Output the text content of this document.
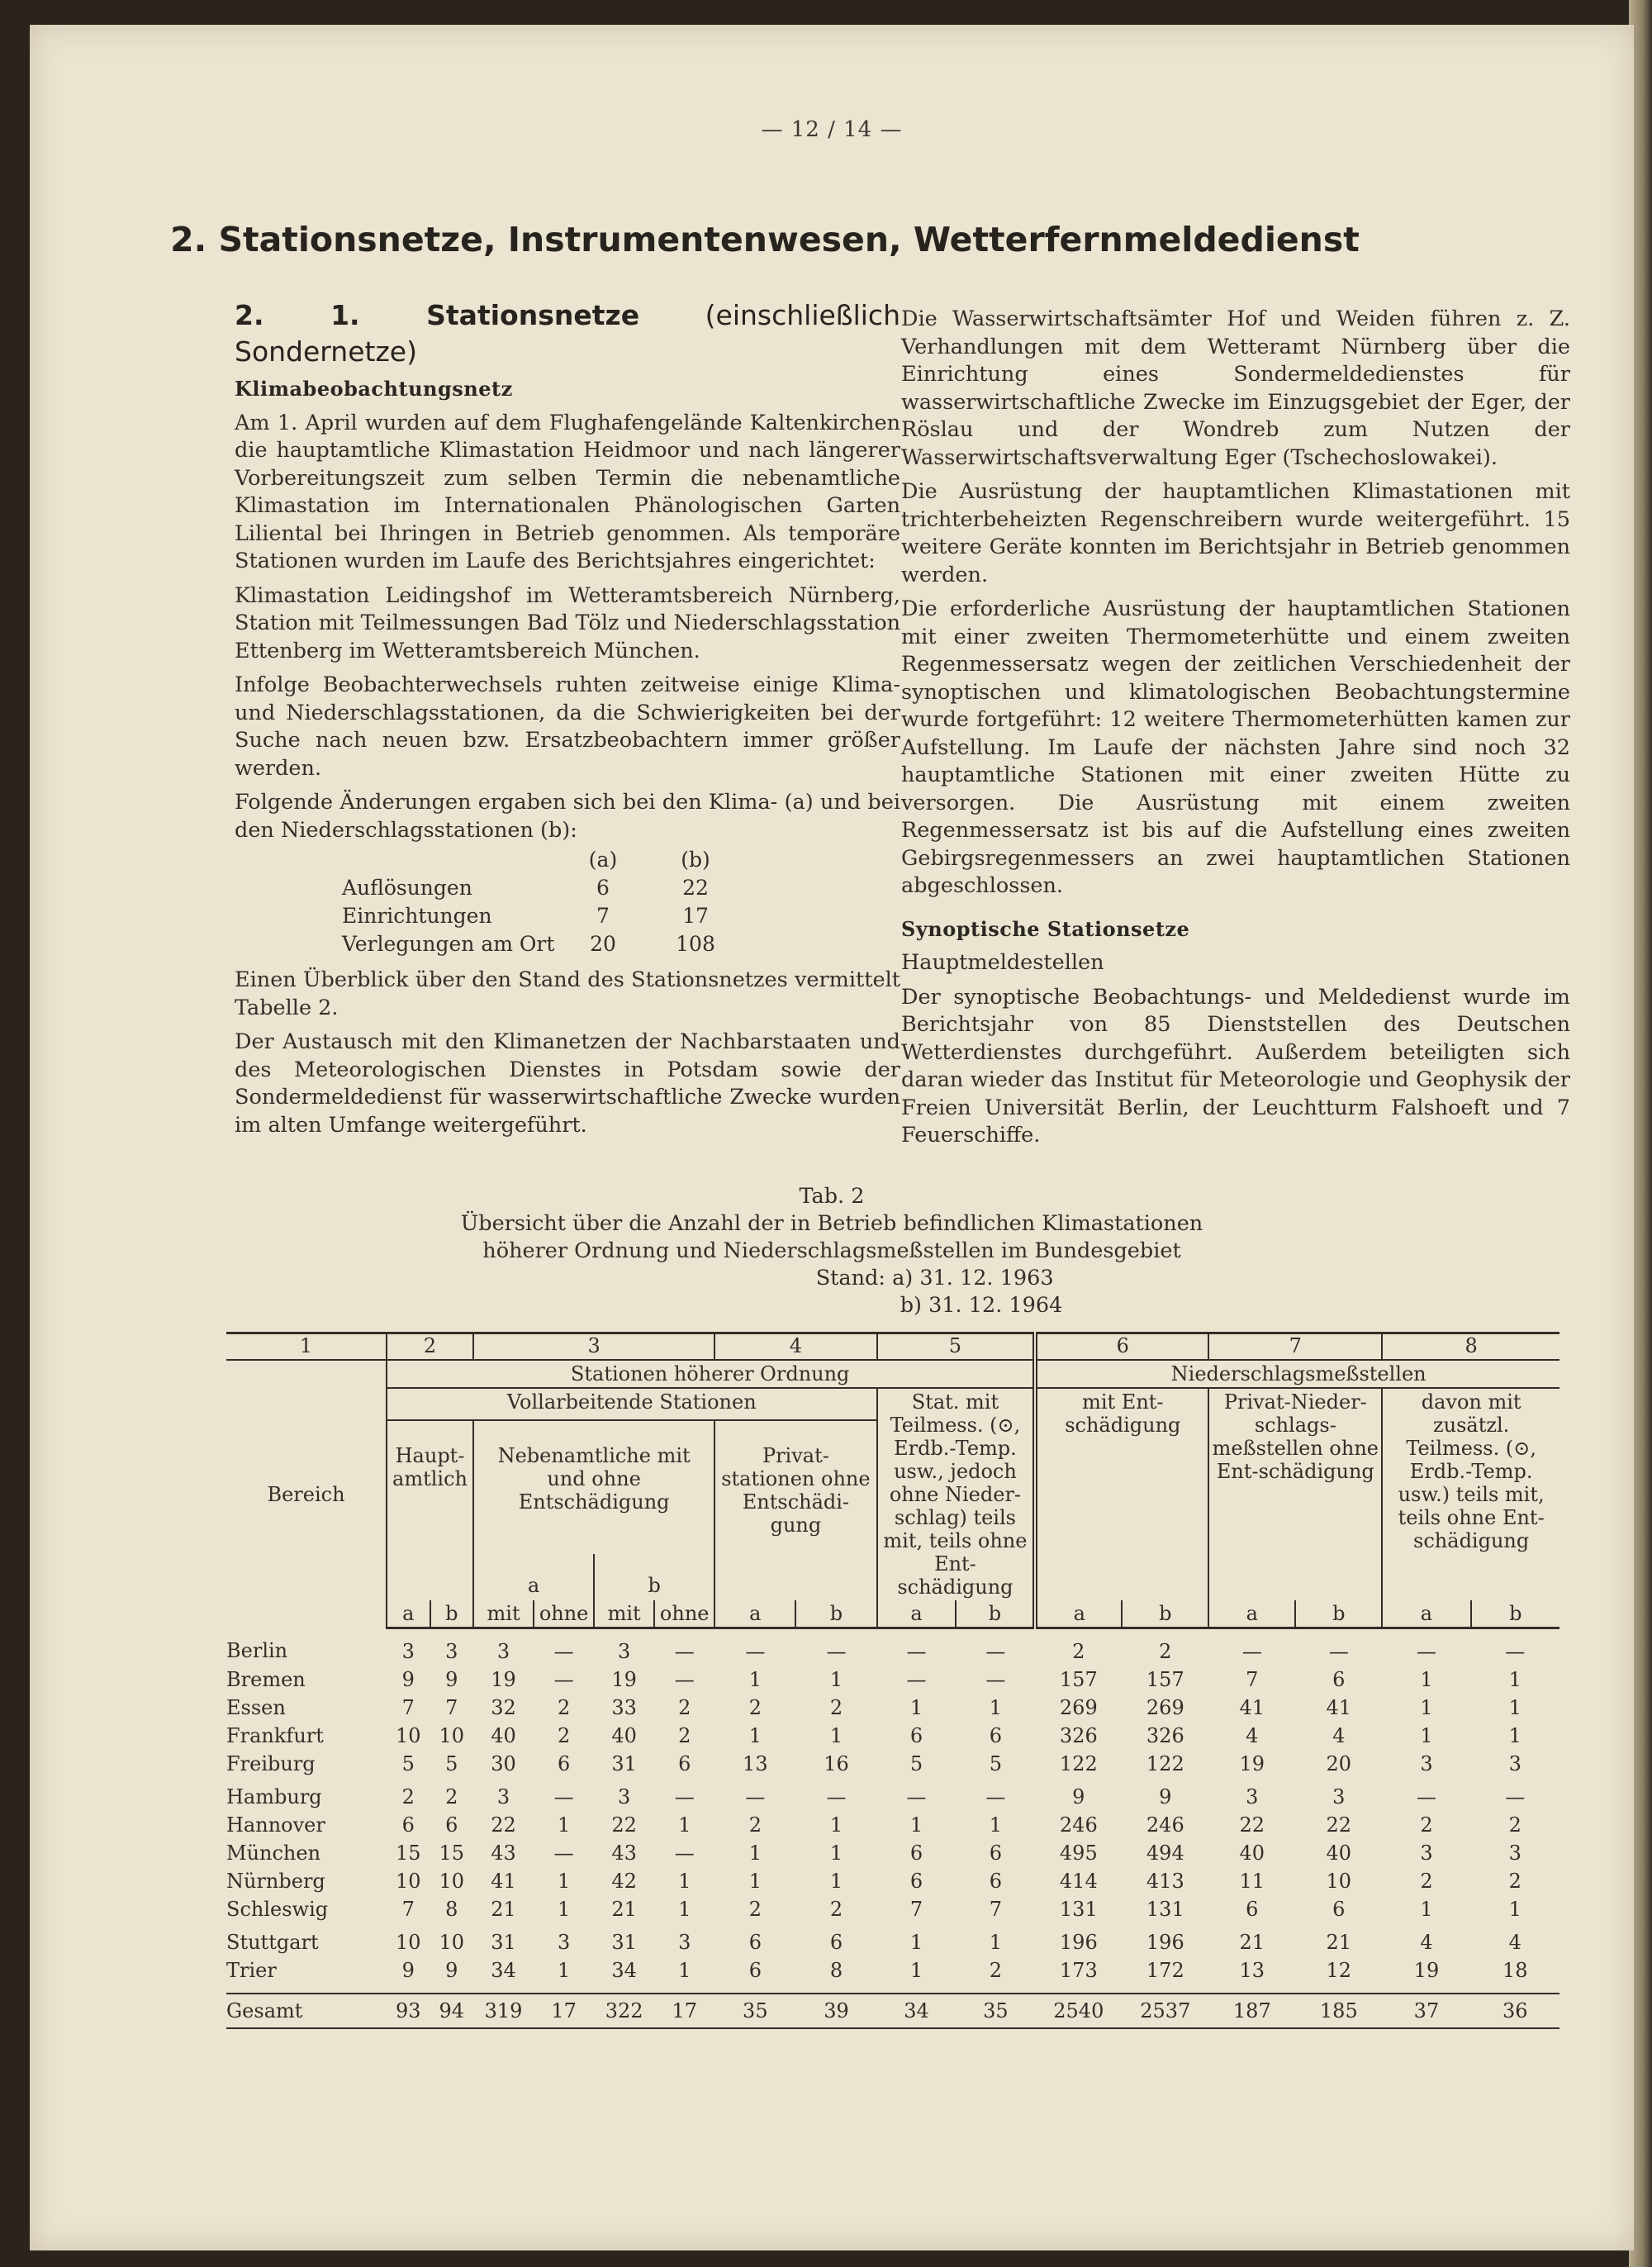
— 12 / 14 —
2. Stationsnetze, Instrumentenwesen, Wetterfernmeldedienst
2. 1. Stationsnetze (einschließlich Sondernetze)

Klimabeobachtungsnetz

Am 1. April wurden auf dem Flughafengelände Kaltenkirchen die hauptamtliche Klimastation Heidmoor und nach längerer Vorbereitungszeit zum selben Termin die nebenamtliche Klimastation im Internationalen Phänologischen Garten Liliental bei Ihringen in Betrieb genommen. Als temporäre Stationen wurden im Laufe des Berichtsjahres eingerichtet:

Klimastation Leidingshof im Wetteramtsbereich Nürnberg, Station mit Teilmessungen Bad Tölz und Niederschlagsstation Ettenberg im Wetteramtsbereich München.

Infolge Beobachterwechsels ruhten zeitweise einige Klima- und Niederschlagsstationen, da die Schwierigkeiten bei der Suche nach neuen bzw. Ersatzbeobachtern immer größer werden.

Folgende Änderungen ergaben sich bei den Klima- (a) und bei den Niederschlagsstationen (b):

	(a)	(b)
Auflösungen	6	22
Einrichtungen	7	17
Verlegungen am Ort	20	108

Einen Überblick über den Stand des Stationsnetzes vermittelt Tabelle 2.

Der Austausch mit den Klimanetzen der Nachbarstaaten und des Meteorologischen Dienstes in Potsdam sowie der Sondermeldedienst für wasserwirtschaftliche Zwecke wurden im alten Umfange weitergeführt.

Die Wasserwirtschaftsämter Hof und Weiden führen z. Z. Verhandlungen mit dem Wetteramt Nürnberg über die Einrichtung eines Sondermeldedienstes für wasserwirtschaftliche Zwecke im Einzugsgebiet der Eger, der Röslau und der Wondreb zum Nutzen der Wasserwirtschaftsverwaltung Eger (Tschechoslowakei).

Die Ausrüstung der hauptamtlichen Klimastationen mit trichterbeheizten Regenschreibern wurde weitergeführt. 15 weitere Geräte konnten im Berichtsjahr in Betrieb genommen werden.

Die erforderliche Ausrüstung der hauptamtlichen Stationen mit einer zweiten Thermometerhütte und einem zweiten Regenmessersatz wegen der zeitlichen Verschiedenheit der synoptischen und klimatologischen Beobachtungstermine wurde fortgeführt: 12 weitere Thermometerhütten kamen zur Aufstellung. Im Laufe der nächsten Jahre sind noch 32 hauptamtliche Stationen mit einer zweiten Hütte zu versorgen. Die Ausrüstung mit einem zweiten Regenmessersatz ist bis auf die Aufstellung eines zweiten Gebirgsregenmessers an zwei hauptamtlichen Stationen abgeschlossen.

Synoptische Stationsetze

Hauptmeldestellen

Der synoptische Beobachtungs- und Meldedienst wurde im Berichtsjahr von 85 Dienststellen des Deutschen Wetterdienstes durchgeführt. Außerdem beteiligten sich daran wieder das Institut für Meteorologie und Geophysik der Freien Universität Berlin, der Leuchtturm Falshoeft und 7 Feuerschiffe.

Tab. 2
Übersicht über die Anzahl der in Betrieb befindlichen Klimastationen
höherer Ordnung und Niederschlagsmeßstellen im Bundesgebiet
Stand: a) 31. 12. 1963
b) 31. 12. 1964
1	2		3				4		5		6		7		8	
Bereich	Stationen höherer Ordnung										Niederschlagsmeßstellen					
	Vollarbeitende Stationen								Stat. mit Teilmess. (⊙, Erdb.-Temp. usw., jedoch ohne Nieder-schlag) teils mit, teils ohne Ent-schädigung		mit Ent-schädigung		Privat-Nieder-schlags-meßstellen ohne Ent-schädigung		davon mit zusätzl. Teilmess. (⊙, Erdb.-Temp. usw.) teils mit, teils ohne Ent-schädigung	
	Haupt-amtlich		Nebenamtliche mit und ohne Entschädigung				Privat-stationen ohne Entschädi-gung									
			a		b											
	a	b	mit	ohne	mit	ohne	a	b	a	b	a	b	a	b	a	b
Berlin	3	3	3	—	3	—	—	—	—	—	2	2	—	—	—	—
Bremen	9	9	19	—	19	—	1	1	—	—	157	157	7	6	1	1
Essen	7	7	32	2	33	2	2	2	1	1	269	269	41	41	1	1
Frankfurt	10	10	40	2	40	2	1	1	6	6	326	326	4	4	1	1
Freiburg	5	5	30	6	31	6	13	16	5	5	122	122	19	20	3	3
Hamburg	2	2	3	—	3	—	—	—	—	—	9	9	3	3	—	—
Hannover	6	6	22	1	22	1	2	1	1	1	246	246	22	22	2	2
München	15	15	43	—	43	—	1	1	6	6	495	494	40	40	3	3
Nürnberg	10	10	41	1	42	1	1	1	6	6	414	413	11	10	2	2
Schleswig	7	8	21	1	21	1	2	2	7	7	131	131	6	6	1	1
Stuttgart	10	10	31	3	31	3	6	6	1	1	196	196	21	21	4	4
Trier	9	9	34	1	34	1	6	8	1	2	173	172	13	12	19	18

Gesamt	93	94	319	17	322	17	35	39	34	35	2540	2537	187	185	37	36
